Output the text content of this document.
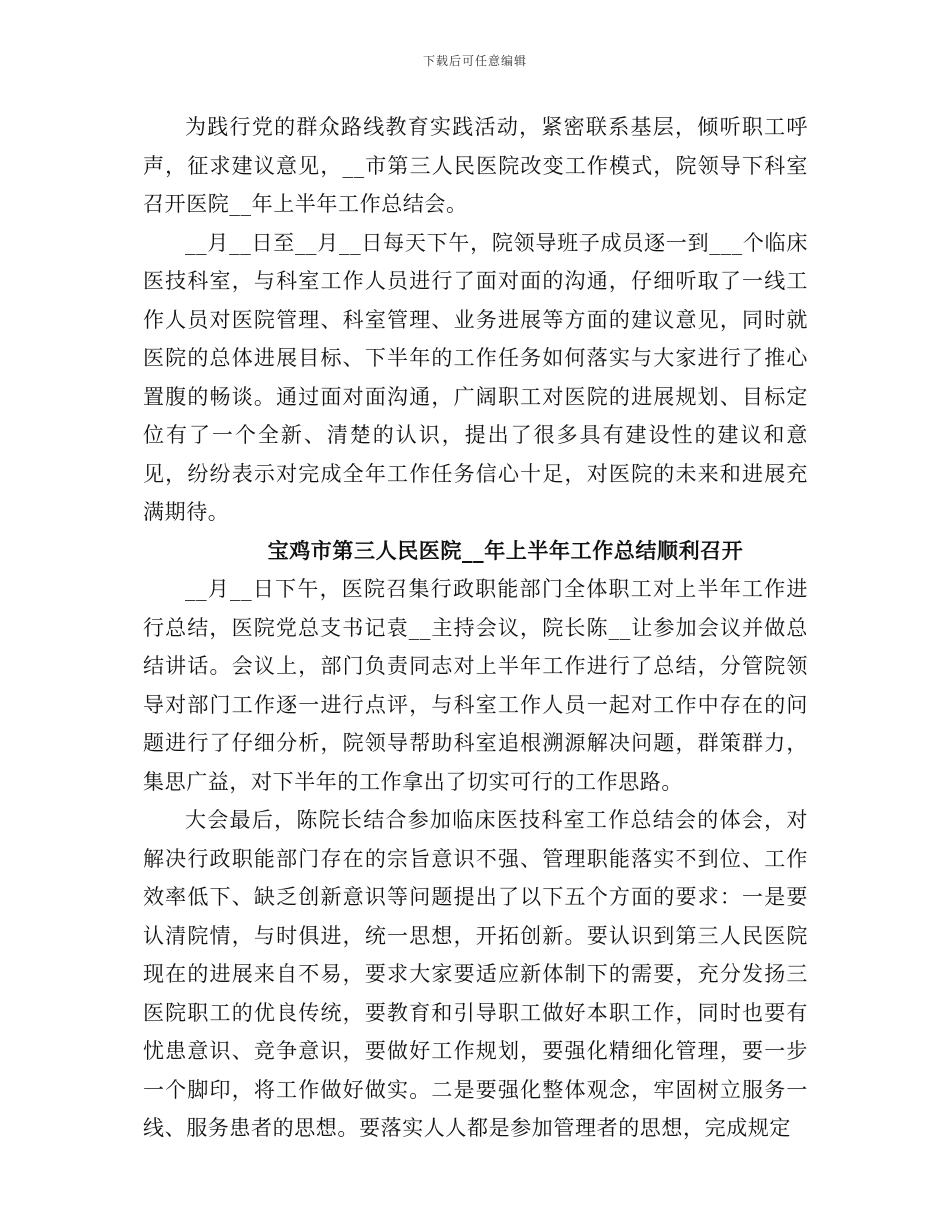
下载后可任意编辑

为践行党的群众路线教育实践活动，紧密联系基层，倾听职工呼声，征求建议意见，__市第三人民医院改变工作模式，院领导下科室召开医院__年上半年工作总结会。

__月__日至__月__日每天下午，院领导班子成员逐一到___个临床医技科室，与科室工作人员进行了面对面的沟通，仔细听取了一线工作人员对医院管理、科室管理、业务进展等方面的建议意见，同时就医院的总体进展目标、下半年的工作任务如何落实与大家进行了推心置腹的畅谈。通过面对面沟通，广阔职工对医院的进展规划、目标定位有了一个全新、清楚的认识，提出了很多具有建设性的建议和意见，纷纷表示对完成全年工作任务信心十足，对医院的未来和进展充满期待。

宝鸡市第三人民医院__年上半年工作总结顺利召开

__月__日下午，医院召集行政职能部门全体职工对上半年工作进行总结，医院党总支书记袁__主持会议，院长陈__让参加会议并做总结讲话。会议上，部门负责同志对上半年工作进行了总结，分管院领导对部门工作逐一进行点评，与科室工作人员一起对工作中存在的问题进行了仔细分析，院领导帮助科室追根溯源解决问题，群策群力，集思广益，对下半年的工作拿出了切实可行的工作思路。

大会最后，陈院长结合参加临床医技科室工作总结会的体会，对解决行政职能部门存在的宗旨意识不强、管理职能落实不到位、工作效率低下、缺乏创新意识等问题提出了以下五个方面的要求：一是要认清院情，与时俱进，统一思想，开拓创新。要认识到第三人民医院现在的进展来自不易，要求大家要适应新体制下的需要，充分发扬三医院职工的优良传统，要教育和引导职工做好本职工作，同时也要有忧患意识、竞争意识，要做好工作规划，要强化精细化管理，要一步一个脚印，将工作做好做实。二是要强化整体观念，牢固树立服务一线、服务患者的思想。要落实人人都是参加管理者的思想，完成规定
